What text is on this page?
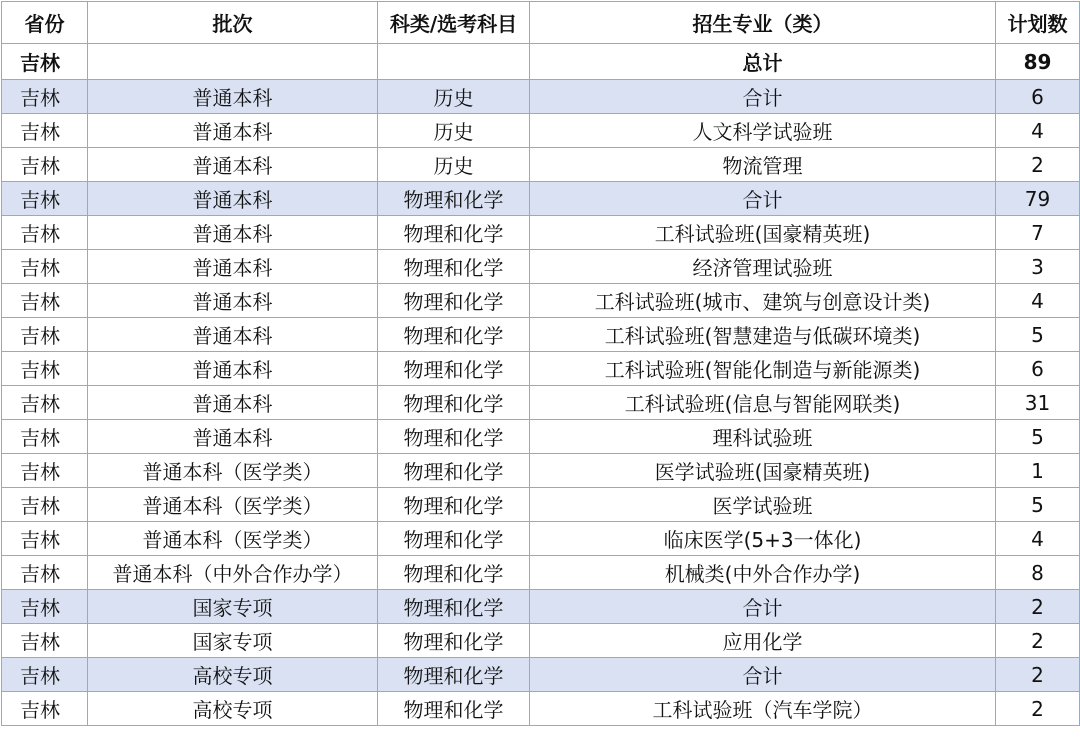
省份	批次	科类/选考科目	招生专业（类）	计划数
吉林			总计	89
吉林	普通本科	历史	合计	6
吉林	普通本科	历史	人文科学试验班	4
吉林	普通本科	历史	物流管理	2
吉林	普通本科	物理和化学	合计	79
吉林	普通本科	物理和化学	工科试验班(国豪精英班)	7
吉林	普通本科	物理和化学	经济管理试验班	3
吉林	普通本科	物理和化学	工科试验班(城市、建筑与创意设计类)	4
吉林	普通本科	物理和化学	工科试验班(智慧建造与低碳环境类)	5
吉林	普通本科	物理和化学	工科试验班(智能化制造与新能源类)	6
吉林	普通本科	物理和化学	工科试验班(信息与智能网联类)	31
吉林	普通本科	物理和化学	理科试验班	5
吉林	普通本科（医学类）	物理和化学	医学试验班(国豪精英班)	1
吉林	普通本科（医学类）	物理和化学	医学试验班	5
吉林	普通本科（医学类）	物理和化学	临床医学(5+3一体化)	4
吉林	普通本科（中外合作办学）	物理和化学	机械类(中外合作办学)	8
吉林	国家专项	物理和化学	合计	2
吉林	国家专项	物理和化学	应用化学	2
吉林	高校专项	物理和化学	合计	2
吉林	高校专项	物理和化学	工科试验班（汽车学院）	2
